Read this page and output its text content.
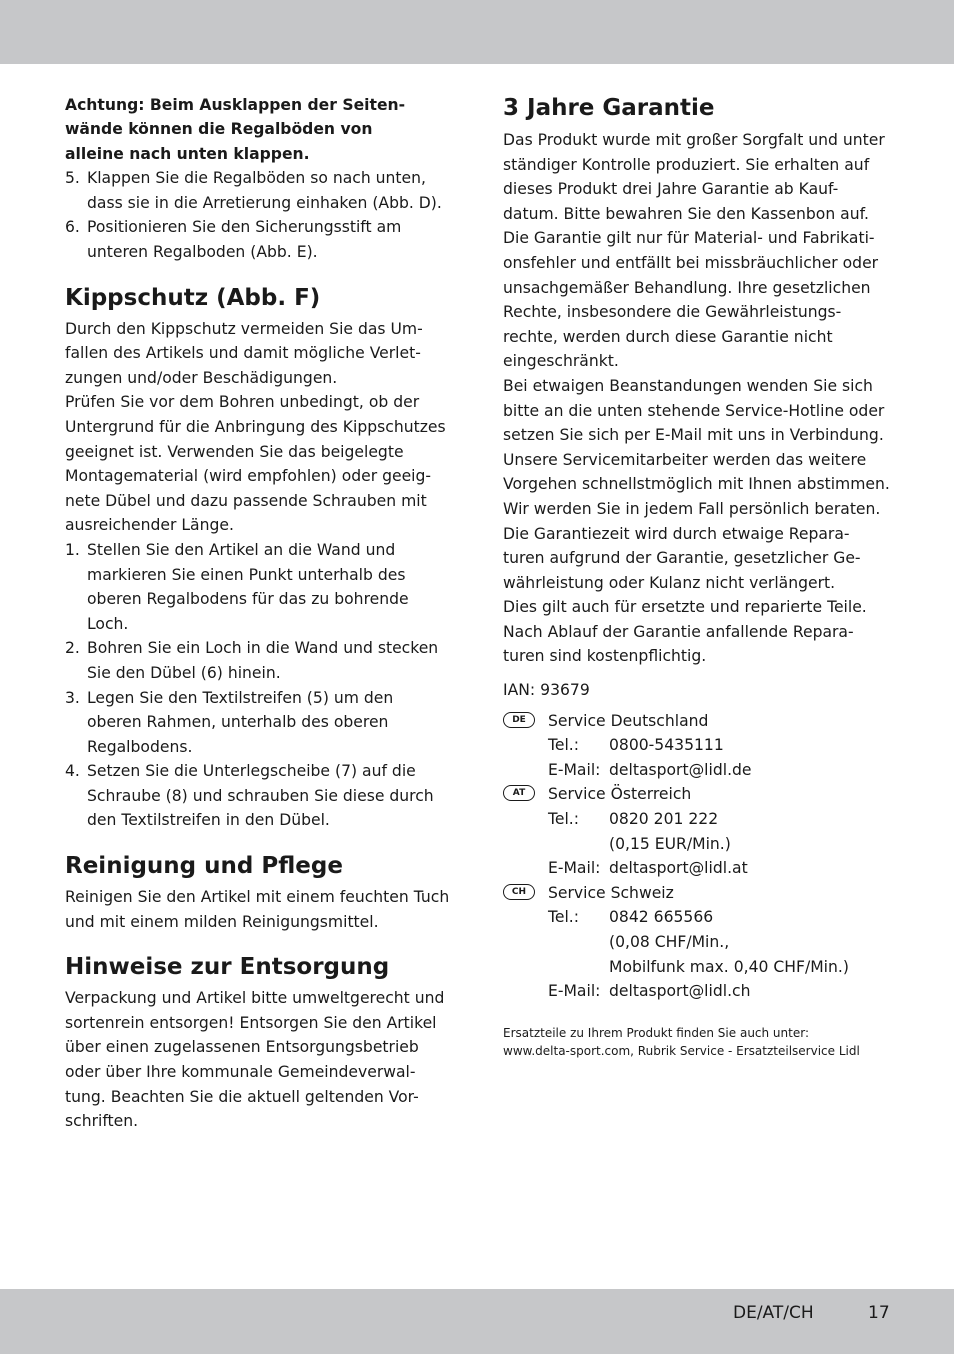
Achtung: Beim Ausklappen der Seiten-
wände können die Regalböden von
alleine nach unten klappen.

5. Klappen Sie die Regalböden so nach unten,
dass sie in die Arretierung einhaken (Abb. D).
6. Positionieren Sie den Sicherungsstift am
unteren Regalboden (Abb. E).
Kippschutz (Abb. F)

Durch den Kippschutz vermeiden Sie das Um-
fallen des Artikels und damit mögliche Verlet-
zungen und/oder Beschädigungen.
Prüfen Sie vor dem Bohren unbedingt, ob der
Untergrund für die Anbringung des Kippschutzes
geeignet ist. Verwenden Sie das beigelegte
Montagematerial (wird empfohlen) oder geeig-
nete Dübel und dazu passende Schrauben mit
ausreichender Länge.

1. Stellen Sie den Artikel an die Wand und
markieren Sie einen Punkt unterhalb des
oberen Regalbodens für das zu bohrende
Loch.
2. Bohren Sie ein Loch in die Wand und stecken
Sie den Dübel (6) hinein.
3. Legen Sie den Textilstreifen (5) um den
oberen Rahmen, unterhalb des oberen
Regalbodens.
4. Setzen Sie die Unterlegscheibe (7) auf die
Schraube (8) und schrauben Sie diese durch
den Textilstreifen in den Dübel.
Reinigung und Pflege

Reinigen Sie den Artikel mit einem feuchten Tuch
und mit einem milden Reinigungsmittel.

Hinweise zur Entsorgung

Verpackung und Artikel bitte umweltgerecht und
sortenrein entsorgen! Entsorgen Sie den Artikel
über einen zugelassenen Entsorgungsbetrieb
oder über Ihre kommunale Gemeindeverwal-
tung. Beachten Sie die aktuell geltenden Vor-
schriften.

3 Jahre Garantie

Das Produkt wurde mit großer Sorgfalt und unter
ständiger Kontrolle produziert. Sie erhalten auf
dieses Produkt drei Jahre Garantie ab Kauf-
datum. Bitte bewahren Sie den Kassenbon auf.
Die Garantie gilt nur für Material- und Fabrikati-
onsfehler und entfällt bei missbräuchlicher oder
unsachgemäßer Behandlung. Ihre gesetzlichen
Rechte, insbesondere die Gewährleistungs-
rechte, werden durch diese Garantie nicht
eingeschränkt.
Bei etwaigen Beanstandungen wenden Sie sich
bitte an die unten stehende Service-Hotline oder
setzen Sie sich per E-Mail mit uns in Verbindung.
Unsere Servicemitarbeiter werden das weitere
Vorgehen schnellstmöglich mit Ihnen abstimmen.
Wir werden Sie in jedem Fall persönlich beraten.
Die Garantiezeit wird durch etwaige Repara-
turen aufgrund der Garantie, gesetzlicher Ge-
währleistung oder Kulanz nicht verlängert.
Dies gilt auch für ersetzte und reparierte Teile.
Nach Ablauf der Garantie anfallende Repara-
turen sind kostenpflichtig.

IAN: 93679

DE	Service Deutschland
Tel.:	0800-5435111
E-Mail: deltasport@lidl.de
AT	Service Österreich
Tel.:	0820 201 222
(0,15 EUR/Min.)
E-Mail: deltasport@lidl.at
CH	Service Schweiz
Tel.:	0842 665566
(0,08 CHF/Min.,
Mobilfunk max. 0,40 CHF/Min.)
E-Mail: deltasport@lidl.ch

Ersatzteile zu Ihrem Produkt finden Sie auch unter:
www.delta-sport.com, Rubrik Service - Ersatzteilservice Lidl

DE/AT/CH	17
